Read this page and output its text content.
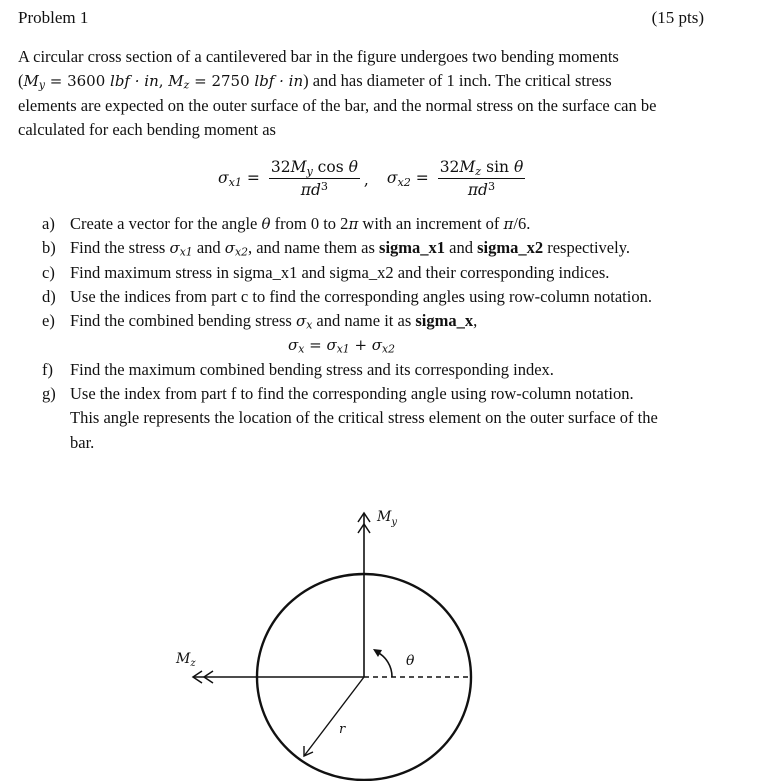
Problem 1	(15 pts)
A circular cross section of a cantilevered bar in the figure undergoes two bending moments
($M_y = 3600$ lbf · in, $M_z = 2750$ lbf · in) and has diameter of 1 inch. The critical stress
elements are expected on the outer surface of the bar, and the normal stress on the surface can be
calculated for each bending moment as
$\sigma_{x1} = \frac{32M_y \cos \theta}{\pi d^3}$ , $\sigma_{x2} = \frac{32M_z \sin \theta}{\pi d^3}$
a) Create a vector for the angle θ from 0 to 2π with an increment of π/6.
b) Find the stress $\sigma_{x1}$ and $\sigma_{x2}$, and name them as sigma_x1 and sigma_x2 respectively.
c) Find maximum stress in sigma_x1 and sigma_x2 and their corresponding indices.
d) Use the indices from part c to find the corresponding angles using row-column notation.
e) Find the combined bending stress $\sigma_x$ and name it as sigma_x,
$\sigma_x = \sigma_{x1} + \sigma_{x2}$
f)	Find the maximum combined bending stress and its corresponding index.
g) Use the index from part f to find the corresponding angle using row-column notation.
This angle represents the location of the critical stress element on the outer surface of the
bar.
$M_y$
$M_z$	θ
r
